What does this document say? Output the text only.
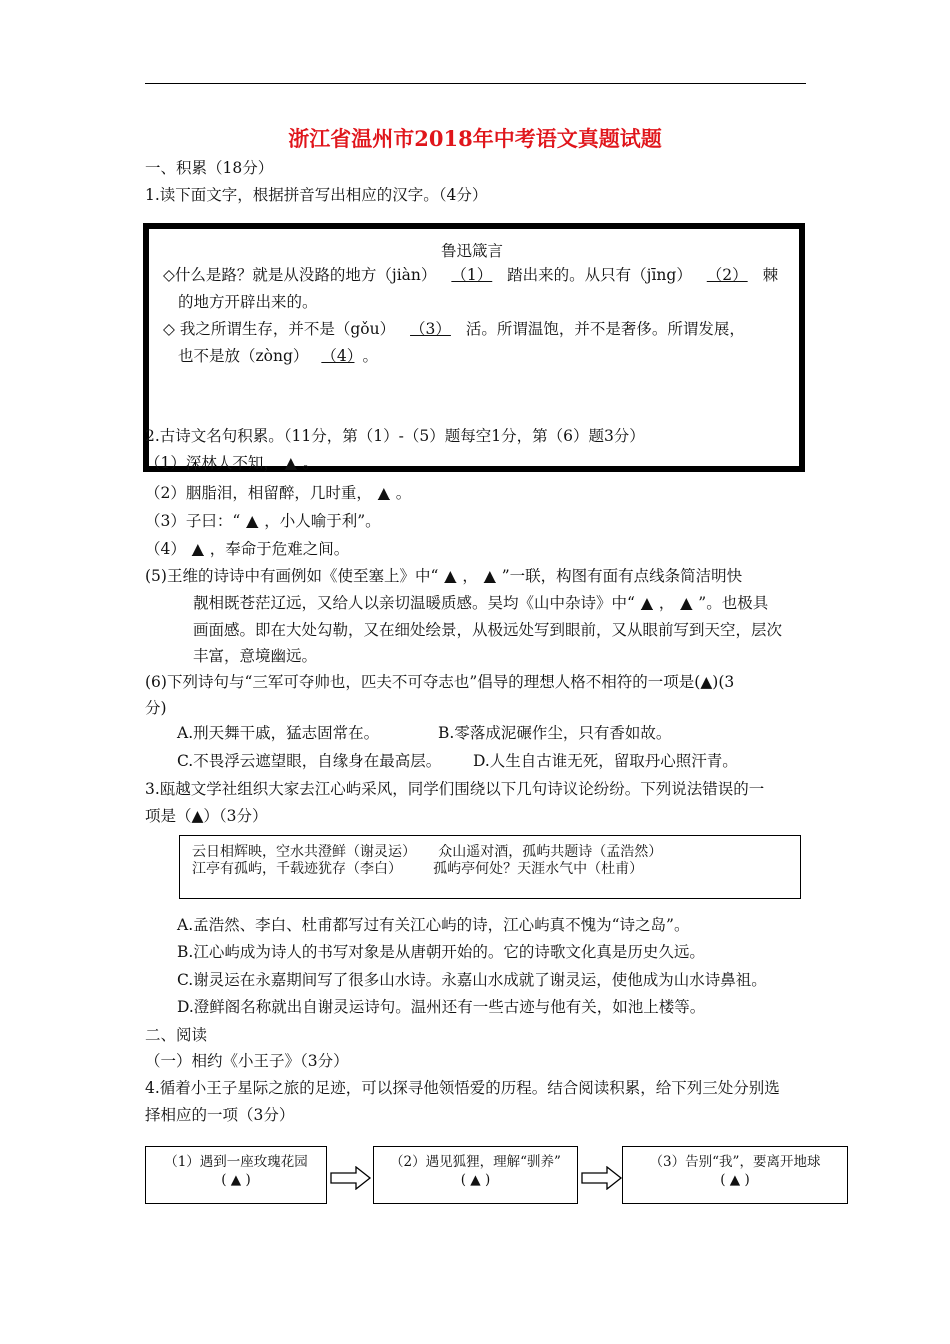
浙江省温州市2018年中考语文真题试题
一、积累（18分）
1.读下面文字，根据拼音写出相应的汉字。（4分）
鲁迅箴言
◇什么是路？就是从没路的地方（jiàn） （1） 踏出来的。从只有（jīng） （2） 棘
的地方开辟出来的。
◇ 我之所谓生存，并不是（gǒu） （3） 活。所谓温饱，并不是奢侈。所谓发展，
也不是放（zòng） （4） 。
2.古诗文名句积累。（11分，第（1）-（5）题每空1分，第（6）题3分）
（1）深林人不知， ▲ 。
（2）胭脂泪，相留醉，几时重， ▲ 。
（3）子曰：“ ▲ ，小人喻于利”。
（4） ▲ ，奉命于危难之间。
(5)王维的诗诗中有画例如《使至塞上》中“ ▲ ， ▲ ”一联，构图有面有点线条简洁明快
靓相既苍茫辽远，又给人以亲切温暖质感。吴均《山中杂诗》中“ ▲ ， ▲ ”。也极具
画面感。即在大处勾勒，又在细处绘景，从极远处写到眼前，又从眼前写到天空，层次
丰富，意境幽远。
(6)下列诗句与“三军可夺帅也，匹夫不可夺志也”倡导的理想人格不相符的一项是(▲)(3
分)
A.刑天舞干戚，猛志固常在。	B.零落成泥碾作尘，只有香如故。
C.不畏浮云遮望眼，自缘身在最高层。 D.人生自古谁无死，留取丹心照汗青。
3.瓯越文学社组织大家去江心屿采风，同学们围绕以下几句诗议论纷纷。下列说法错误的一
项是（▲）（3分）
云日相辉映，空水共澄鲜（谢灵运）     众山遥对酒，孤屿共题诗（孟浩然）
江亭有孤屿，千载迹犹存（李白）       孤屿亭何处？天涯水气中（杜甫）
A.孟浩然、李白、杜甫都写过有关江心屿的诗，江心屿真不愧为“诗之岛”。
B.江心屿成为诗人的书写对象是从唐朝开始的。它的诗歌文化真是历史久远。
C.谢灵运在永嘉期间写了很多山水诗。永嘉山水成就了谢灵运，使他成为山水诗鼻祖。
D.澄鲜阁名称就出自谢灵运诗句。温州还有一些古迹与他有关，如池上楼等。
二、阅读
（一）相约《小王子》（3分）
4.循着小王子星际之旅的足迹，可以探寻他领悟爱的历程。结合阅读积累，给下列三处分别选
择相应的一项（3分）
（1）遇到一座玫瑰花园
( ▲ )
（2）遇见狐狸，理解“驯养”
( ▲ )
（3）告别“我”，要离开地球
( ▲ )
